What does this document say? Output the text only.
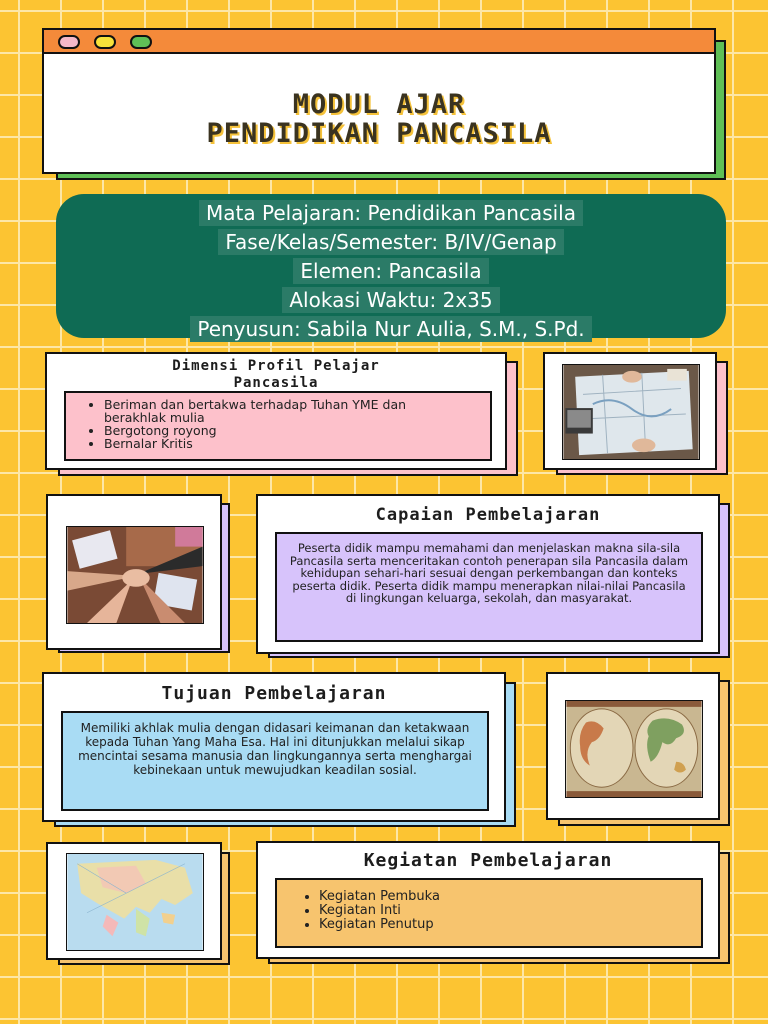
MODUL AJAR
PENDIDIKAN PANCASILA
Mata Pelajaran: Pendidikan Pancasila
Fase/Kelas/Semester: B/IV/Genap
Elemen: Pancasila
Alokasi Waktu: 2x35
Penyusun: Sabila Nur Aulia, S.M., S.Pd.
Dimensi Profil Pelajar
Pancasila
• Beriman dan bertakwa terhadap Tuhan YME dan berakhlak mulia
• Bergotong royong
• Bernalar Kritis
Capaian Pembelajaran
Peserta didik mampu memahami dan menjelaskan makna sila-sila Pancasila serta menceritakan contoh penerapan sila Pancasila dalam kehidupan sehari-hari sesuai dengan perkembangan dan konteks peserta didik. Peserta didik mampu menerapkan nilai-nilai Pancasila di lingkungan keluarga, sekolah, dan masyarakat.
Tujuan Pembelajaran
Memiliki akhlak mulia dengan didasari keimanan dan ketakwaan kepada Tuhan Yang Maha Esa. Hal ini ditunjukkan melalui sikap mencintai sesama manusia dan lingkungannya serta menghargai kebinekaan untuk mewujudkan keadilan sosial.
Kegiatan Pembelajaran
• Kegiatan Pembuka
• Kegiatan Inti
• Kegiatan Penutup
